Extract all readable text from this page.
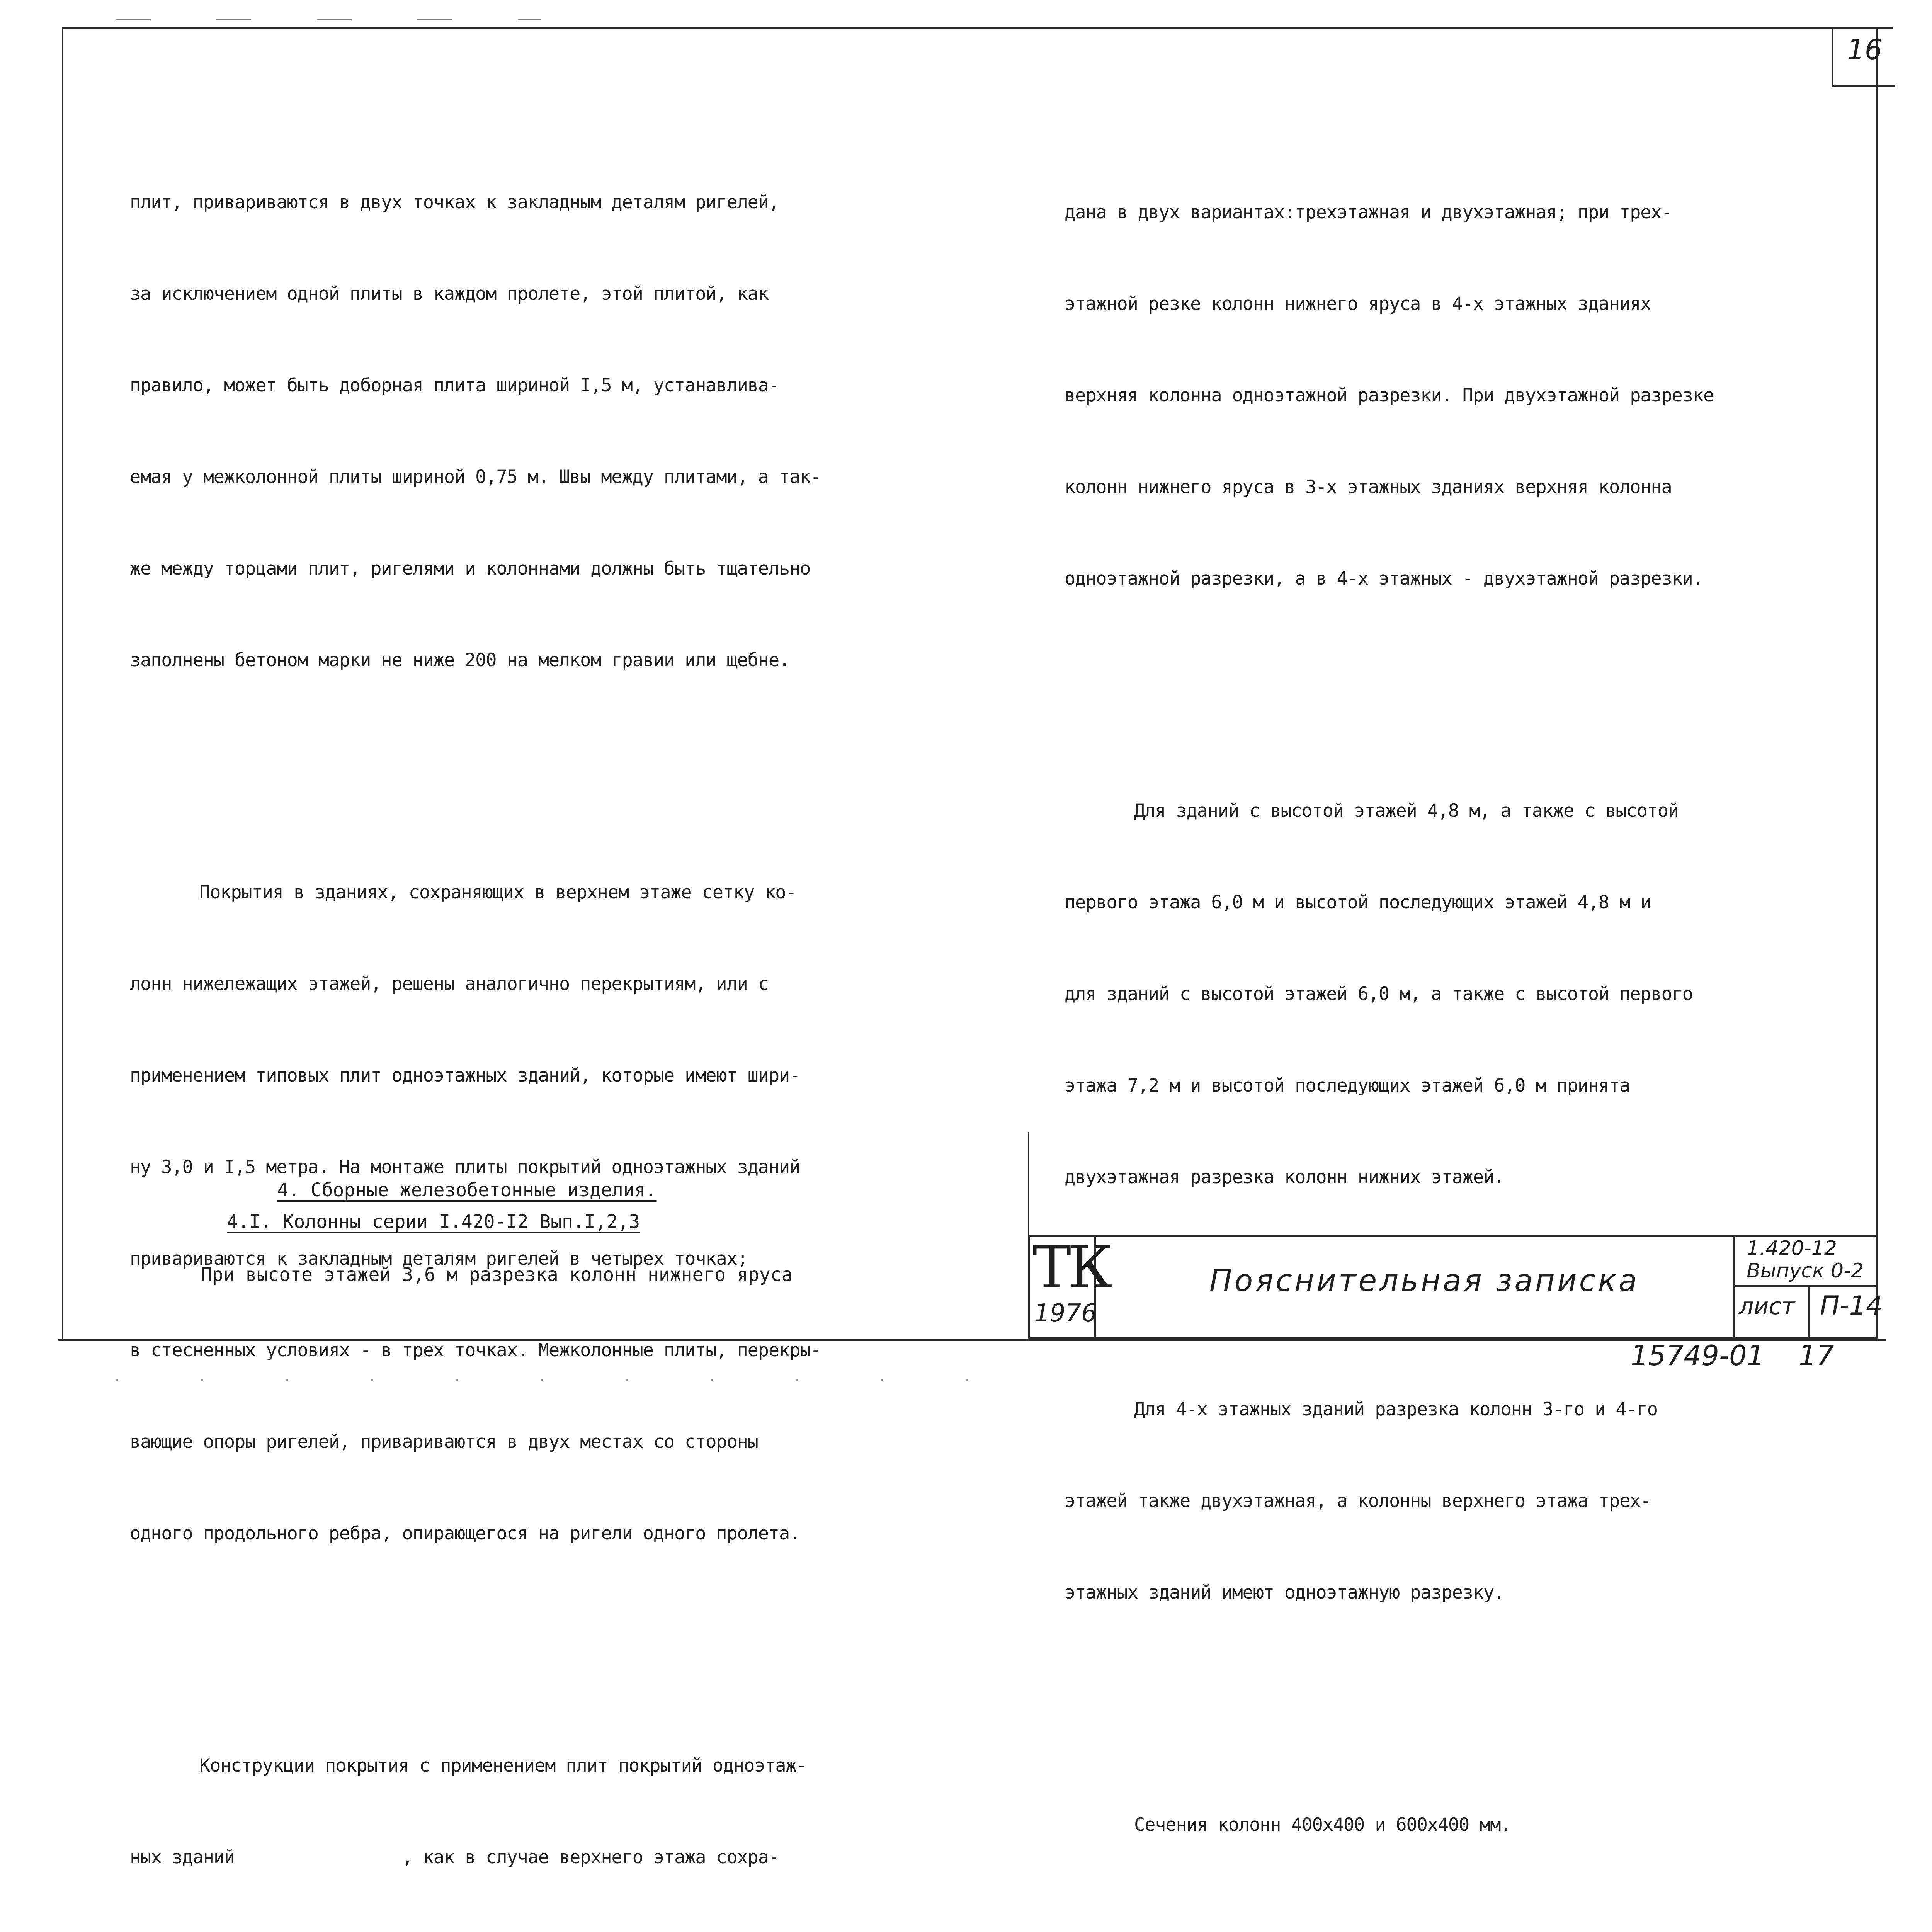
16

плит, привариваются в двух точках к закладным деталям ригелей,

за исключением одной плиты в каждом пролете, этой плитой, как

правило, может быть доборная плита шириной I,5 м, устанавлива-

емая у межколонной плиты шириной 0,75 м. Швы между плитами, а так-

же между торцами плит, ригелями и колоннами должны быть тщательно

заполнены бетоном марки не ниже 200 на мелком гравии или щебне.

Покрытия в зданиях, сохраняющих в верхнем этаже сетку ко-

лонн нижележащих этажей, решены аналогично перекрытиям, или с

применением типовых плит одноэтажных зданий, которые имеют шири-

ну 3,0 и I,5 метра. На монтаже плиты покрытий одноэтажных зданий

привариваются к закладным деталям ригелей в четырех точках;

в стесненных условиях - в трех точках. Межколонные плиты, перекры-

вающие опоры ригелей, привариваются в двух местах со стороны

одного продольного ребра, опирающегося на ригели одного пролета.

Конструкции покрытия с применением плит покрытий одноэтаж-

ных зданий                , как в случае верхнего этажа сохра-

4. Сборные железобетонные изделия.
4.I. Колонны серии I.420-I2 Вып.I,2,3
При высоте этажей 3,6 м разрезка колонн нижнего яруса

дана в двух вариантах:трехэтажная и двухэтажная; при трех-

этажной резке колонн нижнего яруса в 4-х этажных зданиях

верхняя колонна одноэтажной разрезки. При двухэтажной разрезке

колонн нижнего яруса в 3-х этажных зданиях верхняя колонна

одноэтажной разрезки, а в 4-х этажных - двухэтажной разрезки.

Для зданий с высотой этажей 4,8 м, а также с высотой

первого этажа 6,0 м и высотой последующих этажей 4,8 м и

для зданий с высотой этажей 6,0 м, а также с высотой первого

этажа 7,2 м и высотой последующих этажей 6,0 м принята

двухэтажная разрезка колонн нижних этажей.

Для 4-х этажных зданий разрезка колонн 3-го и 4-го

этажей также двухэтажная, а колонны верхнего этажа трех-

этажных зданий имеют одноэтажную разрезку.

Сечения колонн 400х400 и 600х400 мм.

ТК
1976
Пояснительная записка
1.420-12
Выпуск 0-2
лист П-14
15749-01 17
